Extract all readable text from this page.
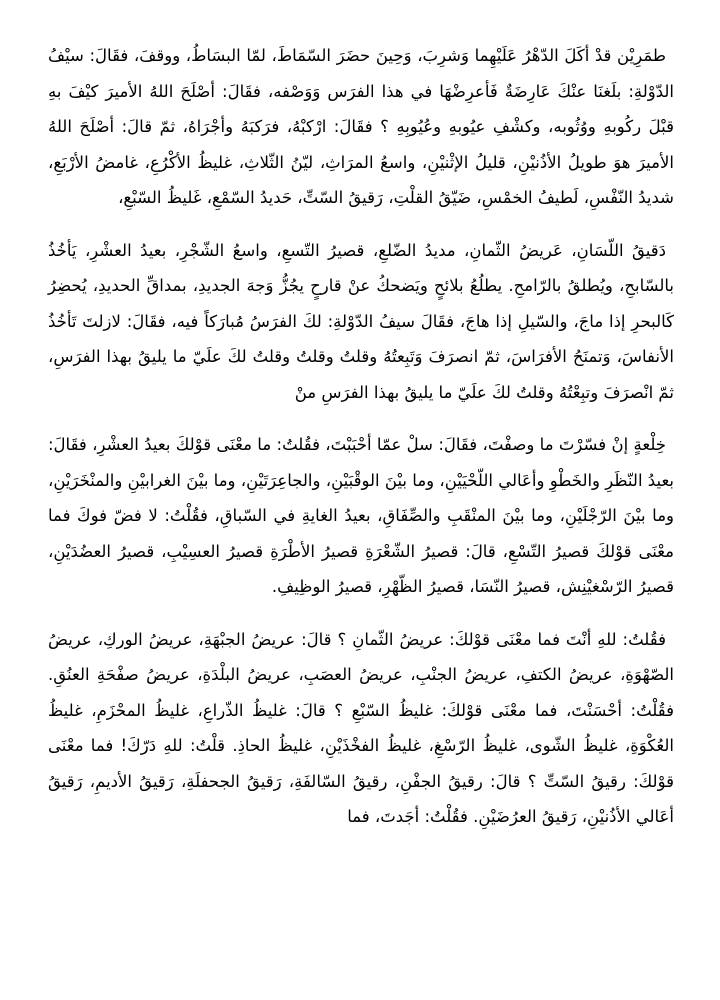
طمَرِيْن قدْ أكَلَ الدّهْرُ عَلَيْهِما وَشرِبَ، وَحِينَ حضَرَ السّمَاطَ، لمّا البسَاطُ، ووقفَ، فقَالَ: سيْفُ الدّوْلةِ: بلَغنَا عنْكَ عَارِضَةٌ فَأعرِضْهَا في هذا الفرَس وَوَصْفه، فقَالَ: أصْلَحَ اللهُ الأميرَ كيْفَ بهِ قبْلَ ركُوبهِ ووُثُوبه، وكشْفِ عيُوبهِ وعُيُوبِهِ ؟ فقَالَ: ارْكبْهُ، فرَكبَهُ وأجْرَاهُ، ثمّ قالَ: أصْلَحَ اللهُ الأميرَ هوَ طويلُ الأذُنيْنِ، قليلُ الإثْنيْنِ، واسعُ المرَاثِ، ليّنُ الثّلاثِ، غليظُ الأكْرُعِ، غامضُ الأرْبَعِ، شديدُ النّفْسِ، لَطيفُ الخمْسِ، ضَيّقُ القلْتِ، رَقيقُ السّتِّ، حَديدُ السّمْعِ، غَليظُ السّبْعِ،

دَقيقُ اللّسَانِ، عَريضُ الثّمانِ، مديدُ الضّلعِ، قصيرُ التّسعِ، واسعُ الشّجْرِ، بعيدُ العشْرِ، يَأخُذُ بالسّابحِ، ويُطلقُ بالرّامحِ. يطلُعُ بلائحٍ ويَضحكُ عنْ قارحٍ يجُزُّ وَجهَ الجديدِ، بمداقِّ الحديدِ، يُحضِرُ كَالبحرِ إذا ماجَ، والسّيلِ إذا هاجَ، فقَالَ سيفُ الدّوْلةِ: لكَ الفرَسُ مُبارَكاً فيه، فقَالَ: لازلتَ تَأخُذُ الأنفاسَ، وَتمنَحُ الأفرَاسَ، ثمّ انصرَفَ وَتَبِعتُهُ وقلتُ وقلتُ وقلتُ لكَ علَيّ ما يليقُ بهذا الفرَسِ، ثمّ انْصرَفَ وتبِعْتُهُ وقلتُ لكَ علَيّ ما يليقُ بهذا الفرَسِ منْ

خِلْعةٍ إنْ فسّرْتَ ما وصفْتَ، فقَالَ: سلْ عمّا أحْبَبْتَ، فقُلتُ: ما معْنَى قوْلكَ بعيدُ العشْرِ، فقَالَ: بعيدُ النّظَرِ والخَطْوِ وأعَالي اللّحْيَيْنِ، وما بيْنَ الوقْبَيْنِ، والجاعِرَتَيْنِ، وما بيْنَ الغرابيْنِ والمنْخَرَيْنِ، وما بيْنَ الرّجْلَيْنِ، وما بيْنَ المنْقَبِ والصِّفَاقِ، بعيدُ الغايةِ في السّباقِ، فقُلْتُ: لا فضّ فوكَ فما معْنَى قوْلكَ قصيرُ التّسْعِ، قالَ: قصيرُ الشّعْرَةِ قصيرُ الأطْرَةِ قصيرُ العسِيْبِ، قصيرُ العضُدَيْنِ، قصيرُ الرّسْغيْنِش، قصيرُ النّسَا، قصيرُ الظّهْرِ، قصيرُ الوظِيفِ.

فقُلتُ: للهِ أنْتَ فما معْنَى قوْلكَ: عريضُ الثّمانِ ؟ قالَ: عريضُ الجبْهَةِ، عريضُ الوركِ، عريضُ الصّهْوَةِ، عريضُ الكتفِ، عريضُ الجنْبِ، عريضُ العصَبِ، عريضُ البلْدَةِ، عريضُ صفْحَةِ العنُقِ. فقُلْتُ: أحْسَنْتَ، فما معْنَى قوْلكَ: غليظُ السّبْعِ ؟ قالَ: غليظُ الذّراعِ، غليظُ المحْزَمِ، غليظُ العُكْوَةِ، غليظُ الشّوى، غليظُ الرّسْغِ، غليظُ الفخْذَيْنِ، غليظُ الحاذِ. قلْتُ: للهِ دَرّكَ! فما معْنَى قوْلكَ: رقيقُ السّتِّ ؟ قالَ: رقيقُ الجفْنِ، رقيقُ السّالفَةِ، رَقيقُ الجحفلَةِ، رَقيقُ الأديمِ، رَقيقُ أعَالي الأذُنيْنِ، رَقيقُ العرُضَيْنِ. فقُلْتُ: أجَدتَ، فما
